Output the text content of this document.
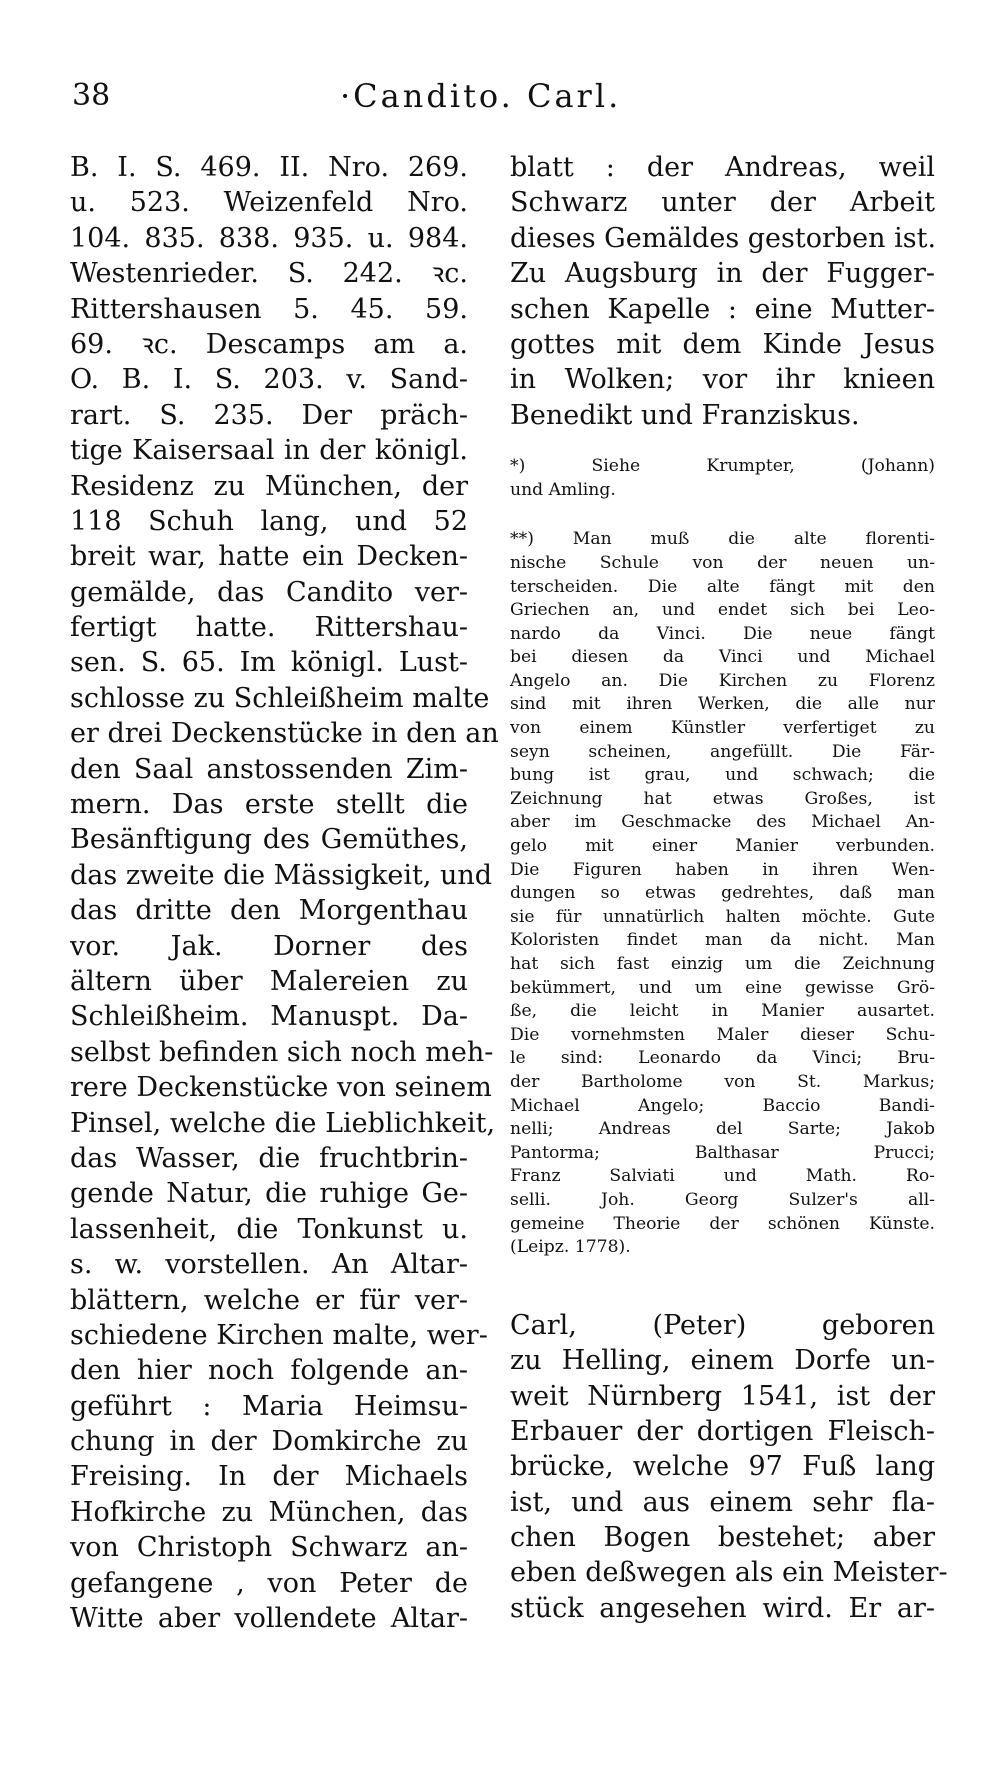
38	·Candito. Carl.
B. I. S. 469. II. Nro. 269.
u. 523. Weizenfeld Nro.
104. 835. 838. 935. u. 984.
Westenrieder. S. 242. ꝛc.
Rittershausen 5. 45. 59.
69. ꝛc. Descamps am a.
O. B. I. S. 203. v. Sand-
rart. S. 235. Der präch-
tige Kaisersaal in der königl.
Residenz zu München, der
118 Schuh lang, und 52
breit war, hatte ein Decken-
gemälde, das Candito ver-
fertigt hatte. Rittershau-
sen. S. 65. Im königl. Lust-
schlosse zu Schleißheim malte
er drei Deckenstücke in den an
den Saal anstossenden Zim-
mern. Das erste stellt die
Besänftigung des Gemüthes,
das zweite die Mässigkeit, und
das dritte den Morgenthau
vor. Jak. Dorner des
ältern über Malereien zu
Schleißheim. Manuspt. Da-
selbst befinden sich noch meh-
rere Deckenstücke von seinem
Pinsel, welche die Lieblichkeit,
das Wasser, die fruchtbrin-
gende Natur, die ruhige Ge-
lassenheit, die Tonkunst u.
s. w. vorstellen. An Altar-
blättern, welche er für ver-
schiedene Kirchen malte, wer-
den hier noch folgende an-
geführt : Maria Heimsu-
chung in der Domkirche zu
Freising. In der Michaels
Hofkirche zu München, das
von Christoph Schwarz an-
gefangene , von Peter de
Witte aber vollendete Altar-
blatt : der Andreas, weil
Schwarz unter der Arbeit
dieses Gemäldes gestorben ist.
Zu Augsburg in der Fugger-
schen Kapelle : eine Mutter-
gottes mit dem Kinde Jesus
in Wolken; vor ihr knieen
Benedikt und Franziskus.
*) Siehe Krumpter, (Johann)
und Amling.
**) Man muß die alte florenti-
nische Schule von der neuen un-
terscheiden. Die alte fängt mit den
Griechen an, und endet sich bei Leo-
nardo da Vinci. Die neue fängt
bei diesen da Vinci und Michael
Angelo an. Die Kirchen zu Florenz
sind mit ihren Werken, die alle nur
von einem Künstler verfertiget zu
seyn scheinen, angefüllt. Die Fär-
bung ist grau, und schwach; die
Zeichnung hat etwas Großes, ist
aber im Geschmacke des Michael An-
gelo mit einer Manier verbunden.
Die Figuren haben in ihren Wen-
dungen so etwas gedrehtes, daß man
sie für unnatürlich halten möchte. Gute
Koloristen findet man da nicht. Man
hat sich fast einzig um die Zeichnung
bekümmert, und um eine gewisse Grö-
ße, die leicht in Manier ausartet.
Die vornehmsten Maler dieser Schu-
le sind: Leonardo da Vinci; Bru-
der Bartholome von St. Markus;
Michael Angelo; Baccio Bandi-
nelli; Andreas del Sarte; Jakob
Pantorma; Balthasar Prucci;
Franz Salviati und Math. Ro-
selli. Joh. Georg Sulzer's all-
gemeine Theorie der schönen Künste.
(Leipz. 1778).
Carl, (Peter) geboren
zu Helling, einem Dorfe un-
weit Nürnberg 1541, ist der
Erbauer der dortigen Fleisch-
brücke, welche 97 Fuß lang
ist, und aus einem sehr fla-
chen Bogen bestehet; aber
eben deßwegen als ein Meister-
stück angesehen wird. Er ar-
